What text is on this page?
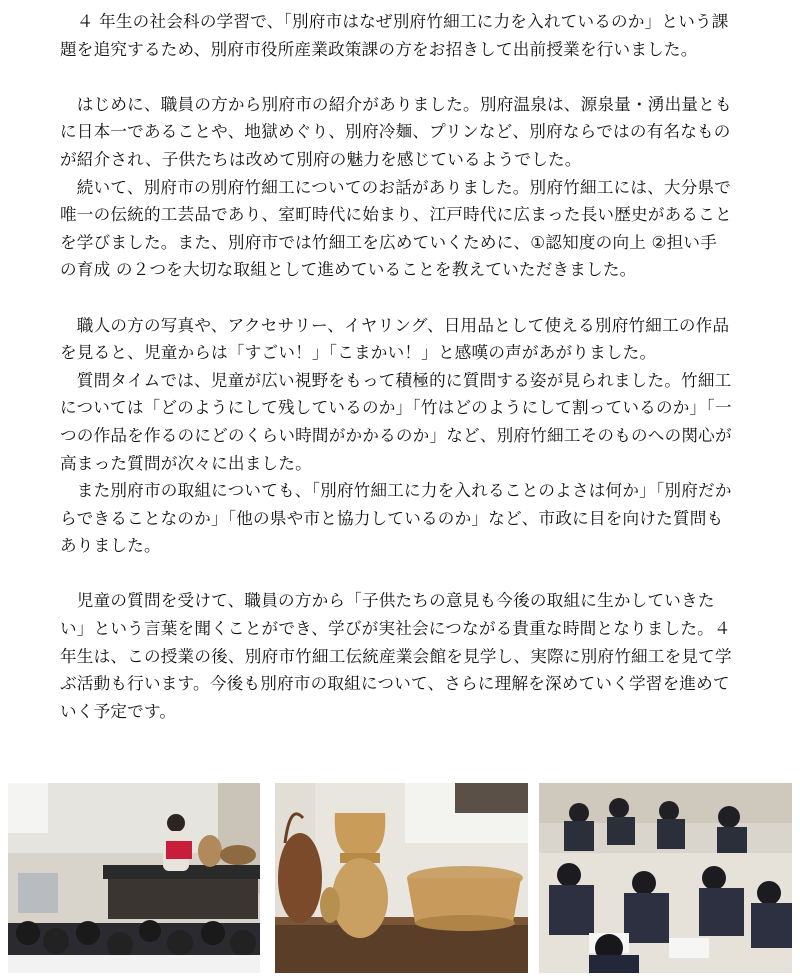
　４ 年生の社会科の学習で、「別府市はなぜ別府竹細工に力を入れているのか」という課題を追究するため、別府市役所産業政策課の方をお招きして出前授業を行いました。

　はじめに、職員の方から別府市の紹介がありました。別府温泉は、源泉量・湧出量ともに日本一であることや、地獄めぐり、別府冷麺、プリンなど、別府ならではの有名なものが紹介され、子供たちは改めて別府の魅力を感じているようでした。

　続いて、別府市の別府竹細工についてのお話がありました。別府竹細工には、大分県で唯一の伝統的工芸品であり、室町時代に始まり、江戸時代に広まった長い歴史があることを学びました。また、別府市では竹細工を広めていくために、①認知度の向上 ②担い手の育成 の２つを大切な取組として進めていることを教えていただきました。

　職人の方の写真や、アクセサリー、イヤリング、日用品として使える別府竹細工の作品を見ると、児童からは「すごい！」「こまかい！」と感嘆の声があがりました。

　質問タイムでは、児童が広い視野をもって積極的に質問する姿が見られました。竹細工については「どのようにして残しているのか」「竹はどのようにして割っているのか」「一つの作品を作るのにどのくらい時間がかかるのか」など、別府竹細工そのものへの関心が高まった質問が次々に出ました。

　また別府市の取組についても、「別府竹細工に力を入れることのよさは何か」「別府だからできることなのか」「他の県や市と協力しているのか」など、市政に目を向けた質問もありました。

　児童の質問を受けて、職員の方から「子供たちの意見も今後の取組に生かしていきたい」という言葉を聞くことができ、学びが実社会につながる貴重な時間となりました。４ 年生は、この授業の後、別府市竹細工伝統産業会館を見学し、実際に別府竹細工を見て学ぶ活動も行います。今後も別府市の取組について、さらに理解を深めていく学習を進めていく予定です。
